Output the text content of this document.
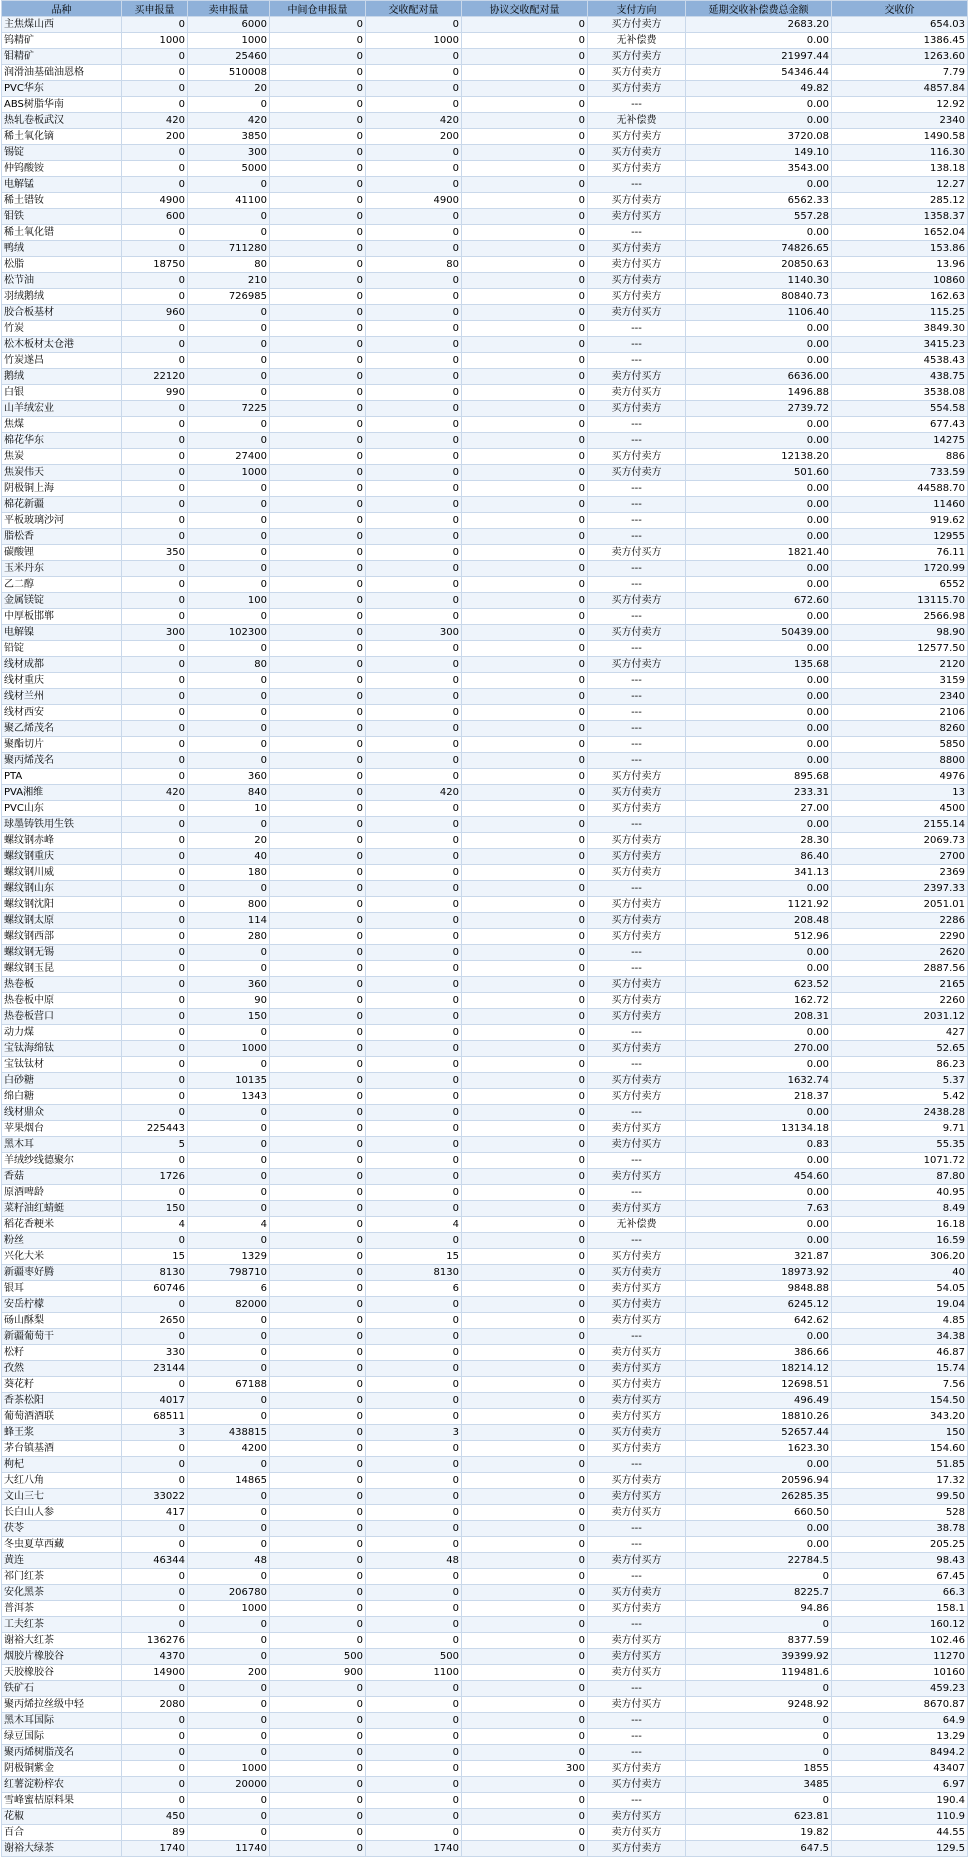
品种	买申报量	卖申报量	中间仓申报量	交收配对量	协议交收配对量	支付方向	延期交收补偿费总金额	交收价
主焦煤山西	0	6000	0	0	0	买方付卖方	2683.20	654.03
钨精矿	1000	1000	0	1000	0	无补偿费	0.00	1386.45
钼精矿	0	25460	0	0	0	买方付卖方	21997.44	1263.60
润滑油基础油恩格	0	510008	0	0	0	买方付卖方	54346.44	7.79
PVC华东	0	20	0	0	0	买方付卖方	49.82	4857.84
ABS树脂华南	0	0	0	0	0	---	0.00	12.92
热轧卷板武汉	420	420	0	420	0	无补偿费	0.00	2340
稀土氧化镝	200	3850	0	200	0	买方付卖方	3720.08	1490.58
锡锭	0	300	0	0	0	买方付卖方	149.10	116.30
仲钨酸铵	0	5000	0	0	0	买方付卖方	3543.00	138.18
电解锰	0	0	0	0	0	---	0.00	12.27
稀土镨钕	4900	41100	0	4900	0	买方付卖方	6562.33	285.12
钼铁	600	0	0	0	0	卖方付买方	557.28	1358.37
稀土氧化镨	0	0	0	0	0	---	0.00	1652.04
鸭绒	0	711280	0	0	0	买方付卖方	74826.65	153.86
松脂	18750	80	0	80	0	卖方付买方	20850.63	13.96
松节油	0	210	0	0	0	买方付卖方	1140.30	10860
羽绒鹅绒	0	726985	0	0	0	买方付卖方	80840.73	162.63
胶合板基材	960	0	0	0	0	卖方付买方	1106.40	115.25
竹炭	0	0	0	0	0	---	0.00	3849.30
松木板材太仓港	0	0	0	0	0	---	0.00	3415.23
竹炭遂昌	0	0	0	0	0	---	0.00	4538.43
鹅绒	22120	0	0	0	0	卖方付买方	6636.00	438.75
白银	990	0	0	0	0	卖方付买方	1496.88	3538.08
山羊绒宏业	0	7225	0	0	0	买方付卖方	2739.72	554.58
焦煤	0	0	0	0	0	---	0.00	677.43
棉花华东	0	0	0	0	0	---	0.00	14275
焦炭	0	27400	0	0	0	买方付卖方	12138.20	886
焦炭伟天	0	1000	0	0	0	买方付卖方	501.60	733.59
阴极铜上海	0	0	0	0	0	---	0.00	44588.70
棉花新疆	0	0	0	0	0	---	0.00	11460
平板玻璃沙河	0	0	0	0	0	---	0.00	919.62
脂松香	0	0	0	0	0	---	0.00	12955
碳酸锂	350	0	0	0	0	卖方付买方	1821.40	76.11
玉米丹东	0	0	0	0	0	---	0.00	1720.99
乙二醇	0	0	0	0	0	---	0.00	6552
金属镁锭	0	100	0	0	0	买方付卖方	672.60	13115.70
中厚板邯郸	0	0	0	0	0	---	0.00	2566.98
电解镍	300	102300	0	300	0	买方付卖方	50439.00	98.90
铅锭	0	0	0	0	0	---	0.00	12577.50
线材成都	0	80	0	0	0	买方付卖方	135.68	2120
线材重庆	0	0	0	0	0	---	0.00	3159
线材兰州	0	0	0	0	0	---	0.00	2340
线材西安	0	0	0	0	0	---	0.00	2106
聚乙烯茂名	0	0	0	0	0	---	0.00	8260
聚酯切片	0	0	0	0	0	---	0.00	5850
聚丙烯茂名	0	0	0	0	0	---	0.00	8800
PTA	0	360	0	0	0	买方付卖方	895.68	4976
PVA湘维	420	840	0	420	0	买方付卖方	233.31	13
PVC山东	0	10	0	0	0	买方付卖方	27.00	4500
球墨铸铁用生铁	0	0	0	0	0	---	0.00	2155.14
螺纹钢赤峰	0	20	0	0	0	买方付卖方	28.30	2069.73
螺纹钢重庆	0	40	0	0	0	买方付卖方	86.40	2700
螺纹钢川威	0	180	0	0	0	买方付卖方	341.13	2369
螺纹钢山东	0	0	0	0	0	---	0.00	2397.33
螺纹钢沈阳	0	800	0	0	0	买方付卖方	1121.92	2051.01
螺纹钢太原	0	114	0	0	0	买方付卖方	208.48	2286
螺纹钢西部	0	280	0	0	0	买方付卖方	512.96	2290
螺纹钢无锡	0	0	0	0	0	---	0.00	2620
螺纹钢玉昆	0	0	0	0	0	---	0.00	2887.56
热卷板	0	360	0	0	0	买方付卖方	623.52	2165
热卷板中原	0	90	0	0	0	买方付卖方	162.72	2260
热卷板营口	0	150	0	0	0	买方付卖方	208.31	2031.12
动力煤	0	0	0	0	0	---	0.00	427
宝钛海绵钛	0	1000	0	0	0	买方付卖方	270.00	52.65
宝钛钛材	0	0	0	0	0	---	0.00	86.23
白砂糖	0	10135	0	0	0	买方付卖方	1632.74	5.37
绵白糖	0	1343	0	0	0	买方付卖方	218.37	5.42
线材鼎众	0	0	0	0	0	---	0.00	2438.28
苹果烟台	225443	0	0	0	0	卖方付买方	13134.18	9.71
黑木耳	5	0	0	0	0	卖方付买方	0.83	55.35
羊绒纱线德聚尔	0	0	0	0	0	---	0.00	1071.72
香菇	1726	0	0	0	0	卖方付买方	454.60	87.80
原酒啤龄	0	0	0	0	0	---	0.00	40.95
菜籽油红蜻蜓	150	0	0	0	0	卖方付买方	7.63	8.49
稻花香粳米	4	4	0	4	0	无补偿费	0.00	16.18
粉丝	0	0	0	0	0	---	0.00	16.59
兴化大米	15	1329	0	15	0	买方付卖方	321.87	306.20
新疆枣好腾	8130	798710	0	8130	0	买方付卖方	18973.92	40
银耳	60746	6	0	6	0	卖方付买方	9848.88	54.05
安岳柠檬	0	82000	0	0	0	买方付卖方	6245.12	19.04
砀山酥梨	2650	0	0	0	0	卖方付买方	642.62	4.85
新疆葡萄干	0	0	0	0	0	---	0.00	34.38
松籽	330	0	0	0	0	卖方付买方	386.66	46.87
孜然	23144	0	0	0	0	卖方付买方	18214.12	15.74
葵花籽	0	67188	0	0	0	买方付卖方	12698.51	7.56
香茶松阳	4017	0	0	0	0	卖方付买方	496.49	154.50
葡萄酒酒联	68511	0	0	0	0	卖方付买方	18810.26	343.20
蜂王浆	3	438815	0	3	0	买方付卖方	52657.44	150
茅台镇基酒	0	4200	0	0	0	买方付卖方	1623.30	154.60
枸杞	0	0	0	0	0	---	0.00	51.85
大红八角	0	14865	0	0	0	买方付卖方	20596.94	17.32
文山三七	33022	0	0	0	0	卖方付买方	26285.35	99.50
长白山人参	417	0	0	0	0	卖方付买方	660.50	528
茯苓	0	0	0	0	0	---	0.00	38.78
冬虫夏草西藏	0	0	0	0	0	---	0.00	205.25
黄连	46344	48	0	48	0	卖方付买方	22784.5	98.43
祁门红茶	0	0	0	0	0	---	0	67.45
安化黑茶	0	206780	0	0	0	买方付卖方	8225.7	66.3
普洱茶	0	1000	0	0	0	买方付卖方	94.86	158.1
工夫红茶	0	0	0	0	0	---	0	160.12
谢裕大红茶	136276	0	0	0	0	卖方付买方	8377.59	102.46
烟胶片橡胶谷	4370	0	500	500	0	卖方付买方	39399.92	11270
天胶橡胶谷	14900	200	900	1100	0	卖方付买方	119481.6	10160
铁矿石	0	0	0	0	0	---	0	459.23
聚丙烯拉丝级中轻	2080	0	0	0	0	卖方付买方	9248.92	8670.87
黑木耳国际	0	0	0	0	0	---	0	64.9
绿豆国际	0	0	0	0	0	---	0	13.29
聚丙烯树脂茂名	0	0	0	0	0	---	0	8494.2
阴极铜紫金	0	1000	0	0	300	买方付卖方	1855	43407
红薯淀粉梓农	0	20000	0	0	0	买方付卖方	3485	6.97
雪峰蜜桔原料果	0	0	0	0	0	---	0	190.4
花椒	450	0	0	0	0	卖方付买方	623.81	110.9
百合	89	0	0	0	0	卖方付买方	19.82	44.55
谢裕大绿茶	1740	11740	0	1740	0	买方付卖方	647.5	129.5
